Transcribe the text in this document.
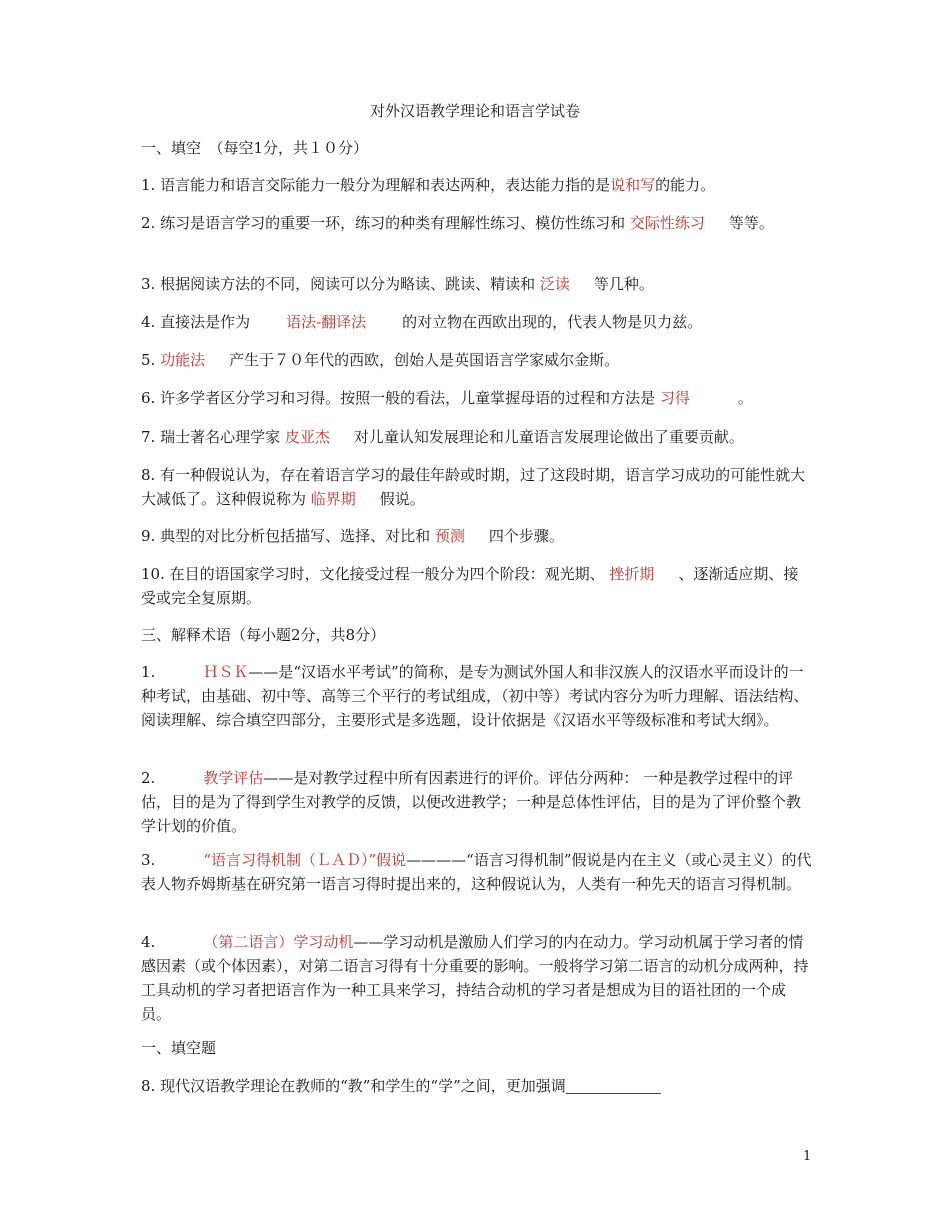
对外汉语教学理论和语言学试卷

一、填空　（每空1分，共１０分）

1. 语言能力和语言交际能力一般分为理解和表达两种，表达能力指的是说和写的能力。

2. 练习是语言学习的重要一环，练习的种类有理解性练习、模仿性练习和 交际性练习 等等。

3. 根据阅读方法的不同，阅读可以分为略读、跳读、精读和 泛读 等几种。

4. 直接法是作为 语法-翻译法 的对立物在西欧出现的，代表人物是贝力兹。

5. 功能法 产生于７０年代的西欧，创始人是英国语言学家威尔金斯。

6. 许多学者区分学习和习得。按照一般的看法，儿童掌握母语的过程和方法是 习得	。

7. 瑞士著名心理学家 皮亚杰 对儿童认知发展理论和儿童语言发展理论做出了重要贡献。

8. 有一种假说认为，存在着语言学习的最佳年龄或时期，过了这段时期，语言学习成功的可能性就大大减低了。这种假说称为 临界期 假说。

9. 典型的对比分析包括描写、选择、对比和 预测 四个步骤。

10. 在目的语国家学习时，文化接受过程一般分为四个阶段：观光期、 挫折期 、逐渐适应期、接受或完全复原期。

三、解释术语（每小题2分，共8分）

1.	ＨＳＫ——是“汉语水平考试”的简称，是专为测试外国人和非汉族人的汉语水平而设计的一种考试，由基础、初中等、高等三个平行的考试组成，（初中等）考试内容分为听力理解、语法结构、阅读理解、综合填空四部分，主要形式是多选题，设计依据是《汉语水平等级标准和考试大纲》。

2.	教学评估——是对教学过程中所有因素进行的评价。评估分两种： 一种是教学过程中的评估，目的是为了得到学生对教学的反馈，以便改进教学；一种是总体性评估，目的是为了评价整个教学计划的价值。

3.	“语言习得机制（ＬＡＤ）”假说————“语言习得机制”假说是内在主义（或心灵主义）的代表人物乔姆斯基在研究第一语言习得时提出来的，这种假说认为，人类有一种先天的语言习得机制。

4.	（第二语言）学习动机——学习动机是激励人们学习的内在动力。学习动机属于学习者的情感因素（或个体因素），对第二语言习得有十分重要的影响。一般将学习第二语言的动机分成两种，持工具动机的学习者把语言作为一种工具来学习，持结合动机的学习者是想成为目的语社团的一个成员。

一、填空题

8. 现代汉语教学理论在教师的“教”和学生的“学”之间，更加强调

1
